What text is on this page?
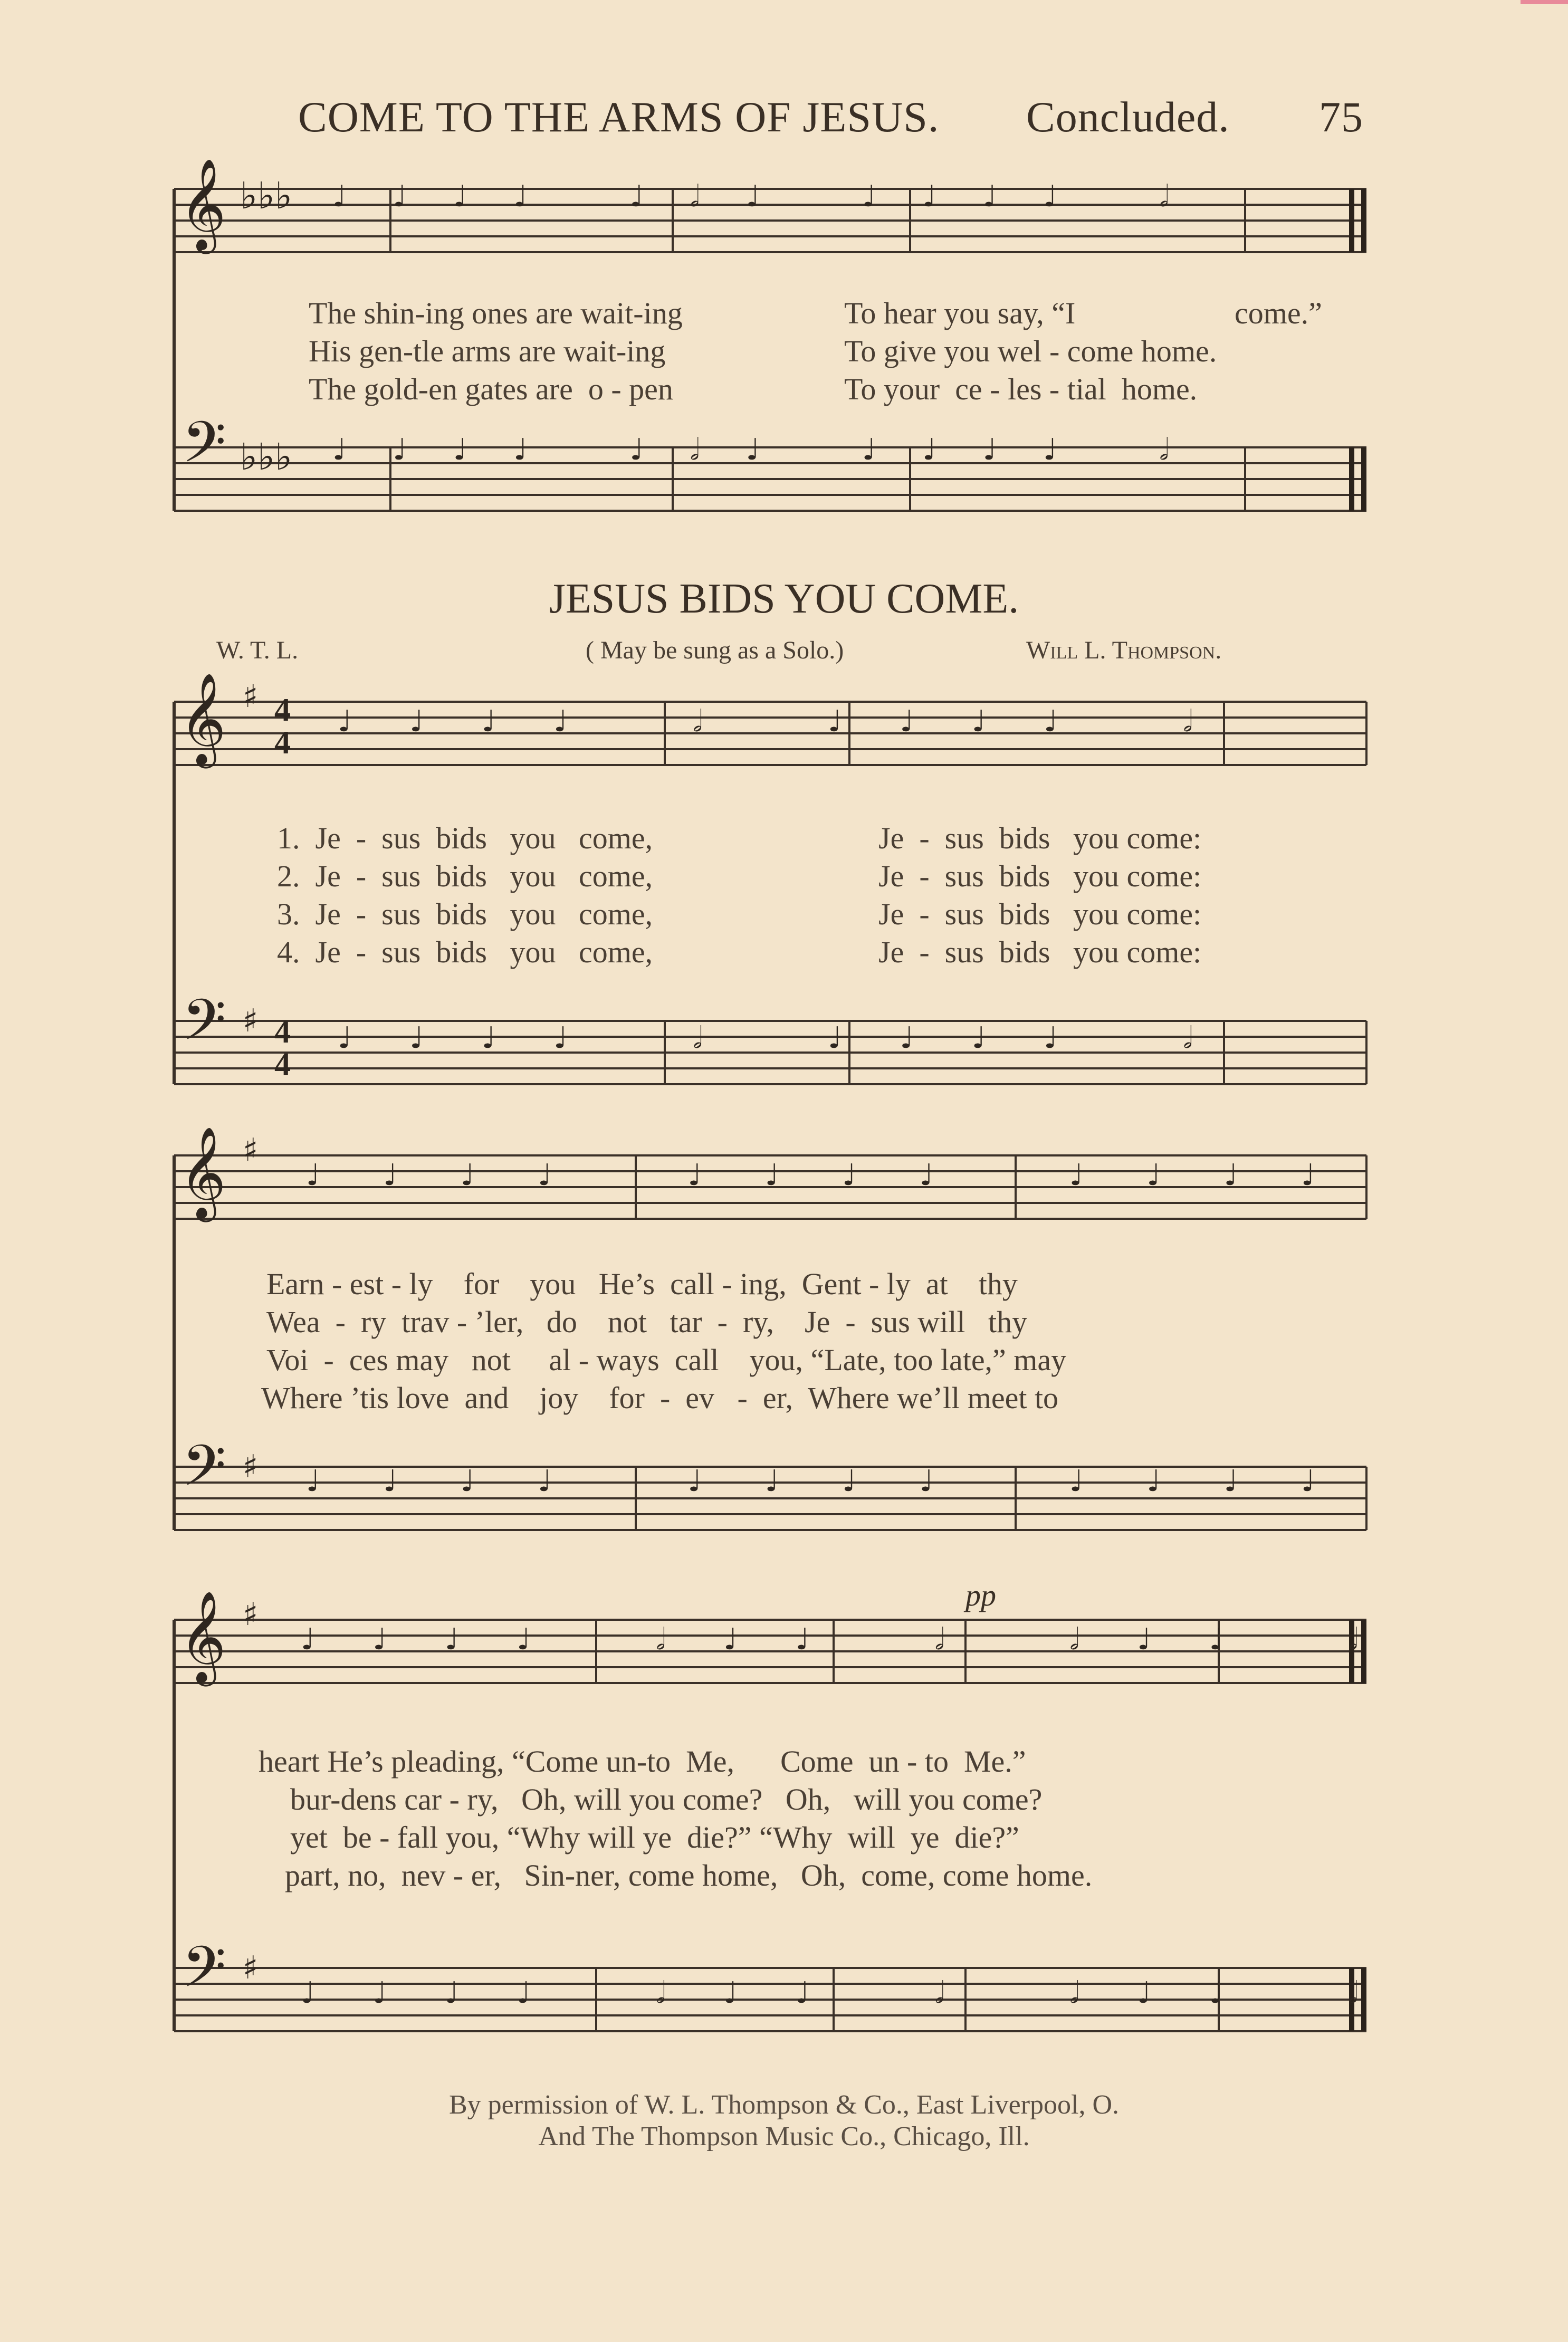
COME TO THE ARMS OF JESUS. Concluded. 75
𝄞
𝄢
♭♭♭
♭♭♭
♩♩♩♩ ♩𝅗𝅥♩ ♩♩♩♩ 𝅗𝅥
♩♩♩♩ ♩𝅗𝅥♩ ♩♩♩♩ 𝅗𝅥
The shin-ing ones are wait-ing	To hear you say, “I	come.”
His gen-tle arms are wait-ing	To give you wel - come home.
The gold-en gates are  o - pen	To your  ce - les - tial  home.
JESUS BIDS YOU COME.
W. T. L.	( May be sung as a Solo.)	Will L. Thompson.
𝄞
𝄢
♯
♯
4
4
4
4
♩♩♩♩ 𝅗𝅥 ♩♩♩♩ 𝅗𝅥
♩♩♩♩ 𝅗𝅥 ♩♩♩♩ 𝅗𝅥
1.  Je  -  sus  bids   you   come,	Je  -  sus  bids   you come:
2.  Je  -  sus  bids   you   come,	Je  -  sus  bids   you come:
3.  Je  -  sus  bids   you   come,	Je  -  sus  bids   you come:
4.  Je  -  sus  bids   you   come,	Je  -  sus  bids   you come:
𝄞
𝄢
♯
♯
♩♩♩♩ ♩♩♩♩ ♩♩♩♩
♩♩♩♩ ♩♩♩♩ ♩♩♩♩
Earn - est - ly    for    you   He’s  call - ing,  Gent - ly  at    thy
Wea  -  ry  trav - ’ler,   do    not   tar  -  ry,    Je  -  sus will   thy
Voi  -  ces may   not     al - ways  call    you, “Late, too late,” may
Where ’tis love  and    joy    for  -  ev   -  er,  Where we’ll meet to
pp
𝄞
𝄢
♯
♯
♩♩♩♩ 𝅗𝅥♩♩ 𝅗𝅥 𝅗𝅥♩♩ 𝅗𝅥
♩♩♩♩ 𝅗𝅥♩♩ 𝅗𝅥 𝅗𝅥♩♩ 𝅗𝅥
heart He’s pleading, “Come un-to  Me,      Come  un - to  Me.”
bur-dens car - ry,   Oh, will you come?   Oh,   will you come?
yet  be - fall you, “Why will ye  die?” “Why  will  ye  die?”
part, no,  nev - er,   Sin-ner, come home,   Oh,  come, come home.
By permission of W. L. Thompson & Co., East Liverpool, O.
And The Thompson Music Co., Chicago, Ill.
